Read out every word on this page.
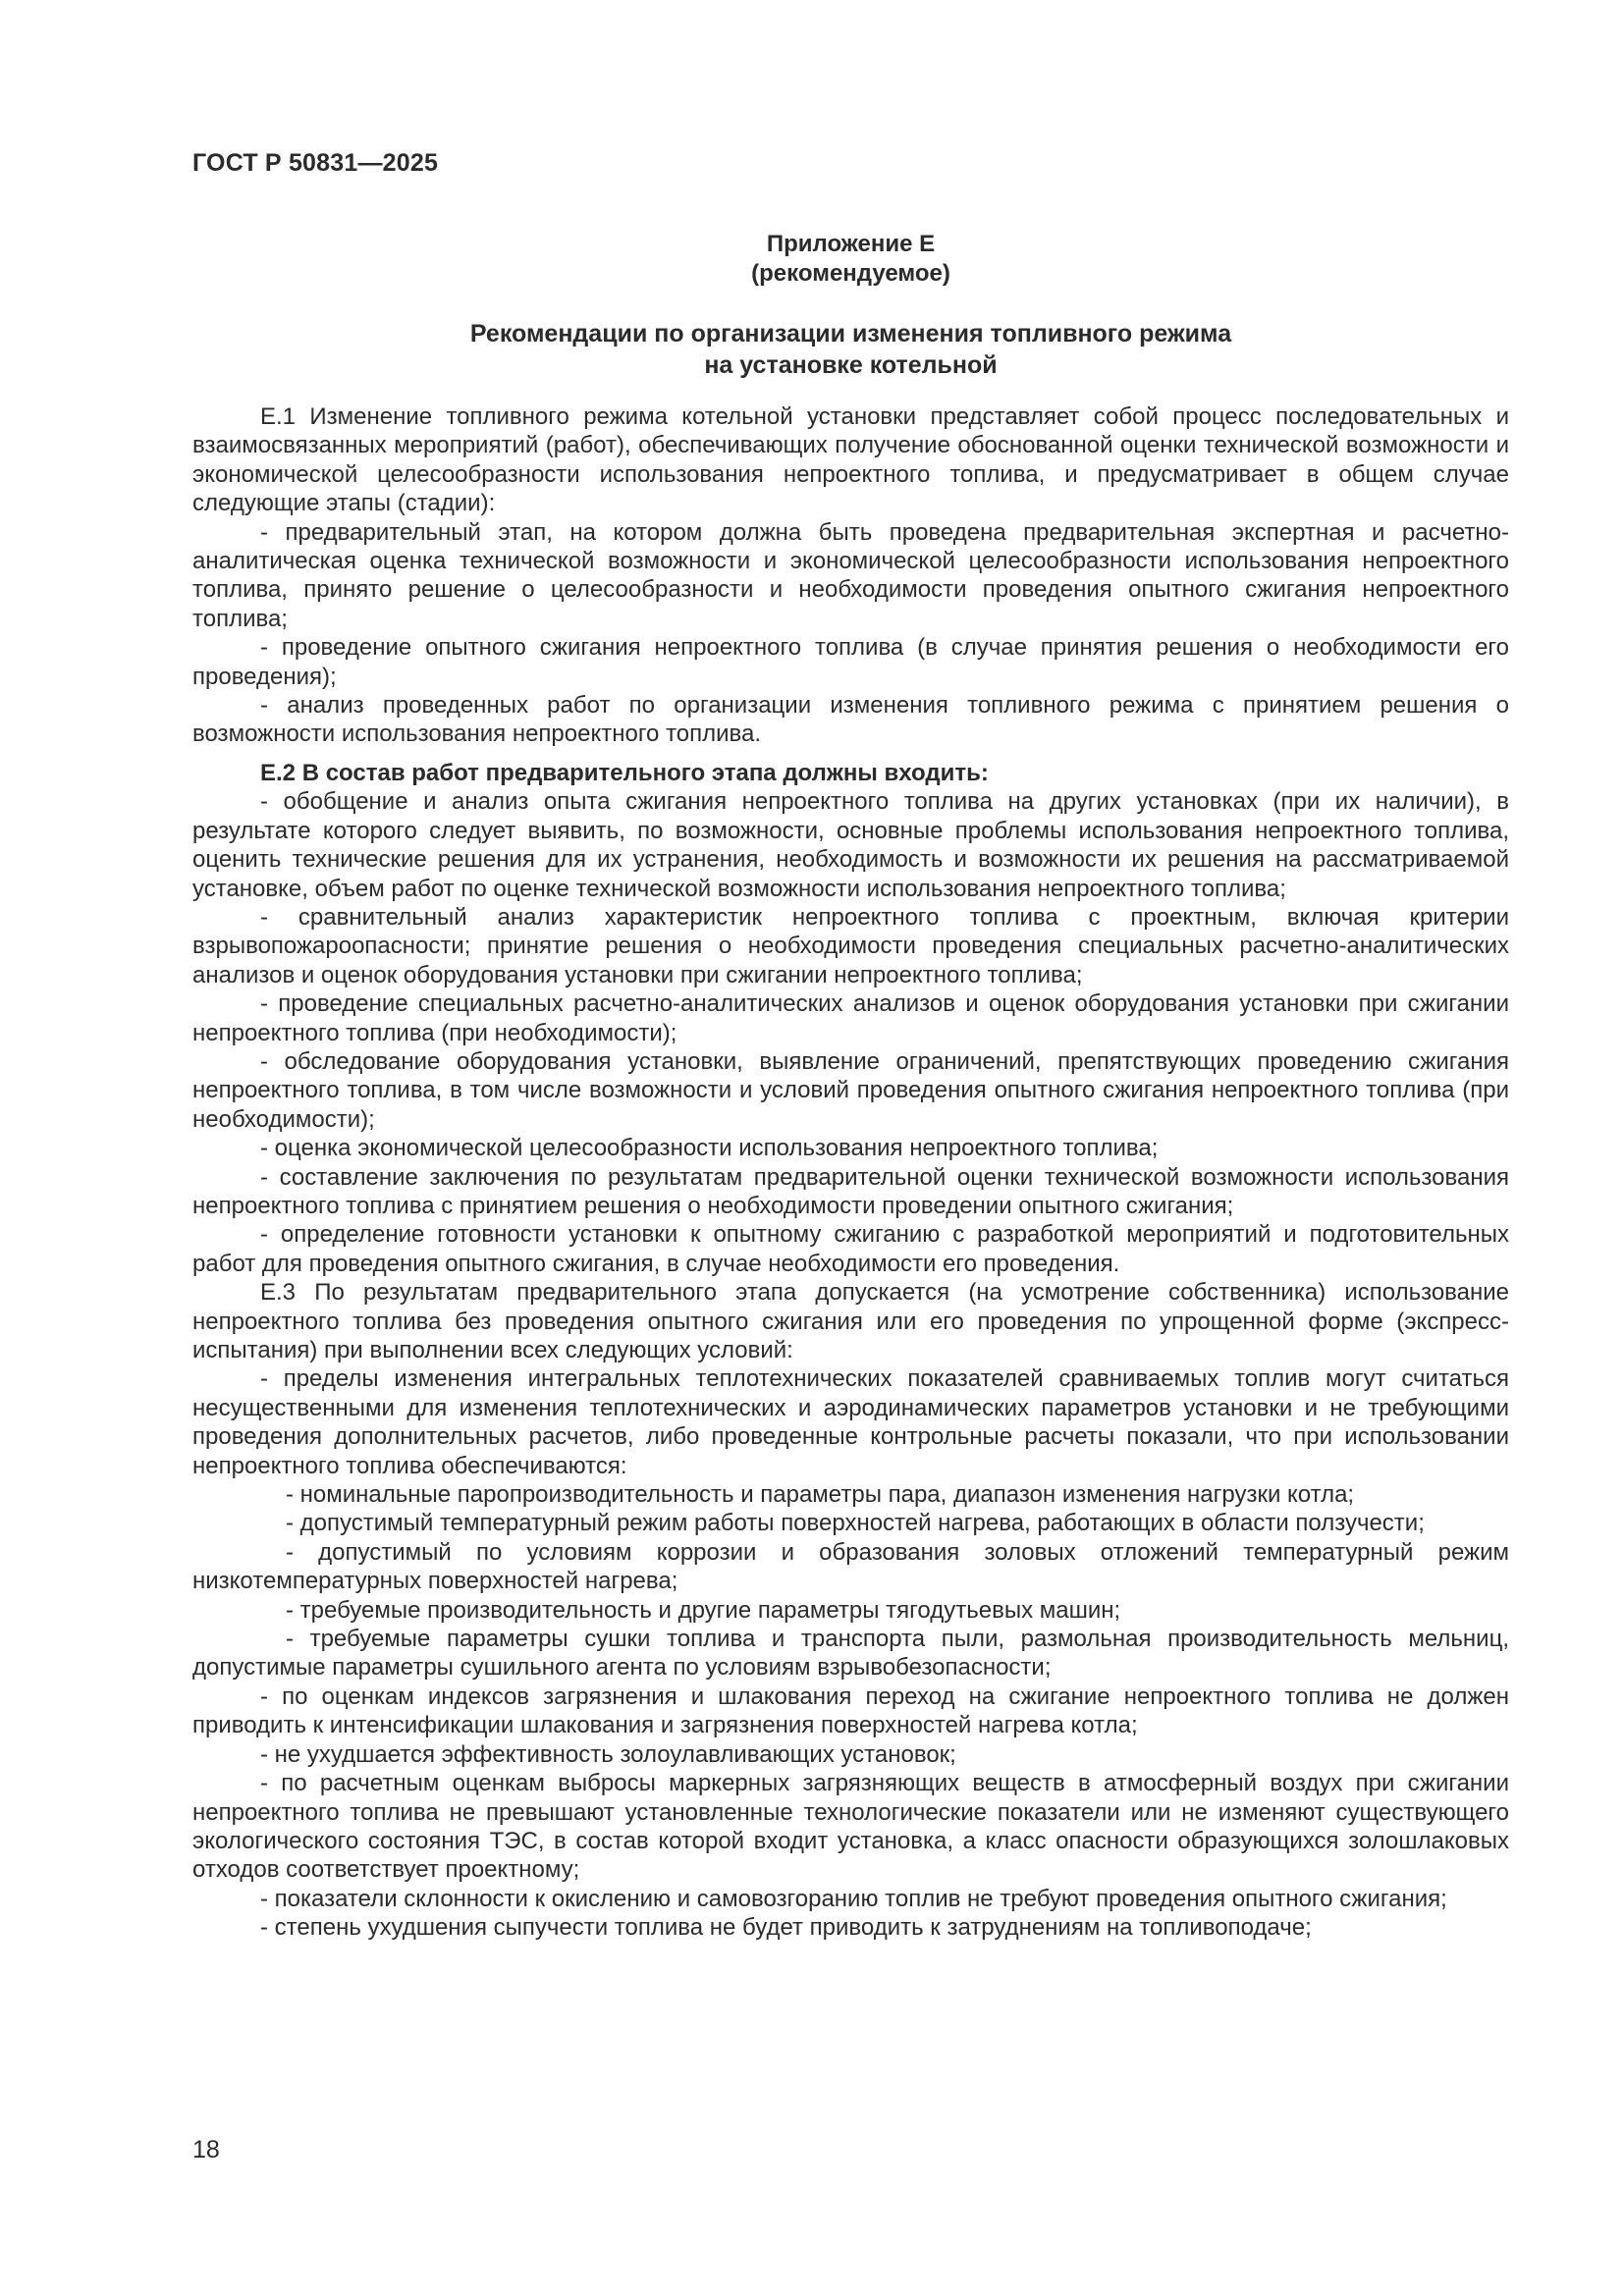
ГОСТ Р 50831—2025
Приложение Е
(рекомендуемое)
Рекомендации по организации изменения топливного режима
на установке котельной

Е.1 Изменение топливного режима котельной установки представляет собой процесс последовательных и взаимосвязанных мероприятий (работ), обеспечивающих получение обоснованной оценки технической возможности и экономической целесообразности использования непроектного топлива, и предусматривает в общем случае следующие этапы (стадии):

- предварительный этап, на котором должна быть проведена предварительная экспертная и расчетно-аналитическая оценка технической возможности и экономической целесообразности использования непроектного топлива, принято решение о целесообразности и необходимости проведения опытного сжигания непроектного топлива;

- проведение опытного сжигания непроектного топлива (в случае принятия решения о необходимости его проведения);

- анализ проведенных работ по организации изменения топливного режима с принятием решения о возможности использования непроектного топлива.

Е.2 В состав работ предварительного этапа должны входить:

- обобщение и анализ опыта сжигания непроектного топлива на других установках (при их наличии), в результате которого следует выявить, по возможности, основные проблемы использования непроектного топлива, оценить технические решения для их устранения, необходимость и возможности их решения на рассматриваемой установке, объем работ по оценке технической возможности использования непроектного топлива;

- сравнительный анализ характеристик непроектного топлива с проектным, включая критерии взрывопожароопасности; принятие решения о необходимости проведения специальных расчетно-аналитических анализов и оценок оборудования установки при сжигании непроектного топлива;

- проведение специальных расчетно-аналитических анализов и оценок оборудования установки при сжигании непроектного топлива (при необходимости);

- обследование оборудования установки, выявление ограничений, препятствующих проведению сжигания непроектного топлива, в том числе возможности и условий проведения опытного сжигания непроектного топлива (при необходимости);

- оценка экономической целесообразности использования непроектного топлива;

- составление заключения по результатам предварительной оценки технической возможности использования непроектного топлива с принятием решения о необходимости проведении опытного сжигания;

- определение готовности установки к опытному сжиганию с разработкой мероприятий и подготовительных работ для проведения опытного сжигания, в случае необходимости его проведения.

Е.3 По результатам предварительного этапа допускается (на усмотрение собственника) использование непроектного топлива без проведения опытного сжигания или его проведения по упрощенной форме (экспресс-испытания) при выполнении всех следующих условий:

- пределы изменения интегральных теплотехнических показателей сравниваемых топлив могут считаться несущественными для изменения теплотехнических и аэродинамических параметров установки и не требующими проведения дополнительных расчетов, либо проведенные контрольные расчеты показали, что при использовании непроектного топлива обеспечиваются:

- номинальные паропроизводительность и параметры пара, диапазон изменения нагрузки котла;

- допустимый температурный режим работы поверхностей нагрева, работающих в области ползучести;

- допустимый по условиям коррозии и образования золовых отложений температурный режим низкотемпературных поверхностей нагрева;

- требуемые производительность и другие параметры тягодутьевых машин;

- требуемые параметры сушки топлива и транспорта пыли, размольная производительность мельниц, допустимые параметры сушильного агента по условиям взрывобезопасности;

- по оценкам индексов загрязнения и шлакования переход на сжигание непроектного топлива не должен приводить к интенсификации шлакования и загрязнения поверхностей нагрева котла;

- не ухудшается эффективность золоулавливающих установок;

- по расчетным оценкам выбросы маркерных загрязняющих веществ в атмосферный воздух при сжигании непроектного топлива не превышают установленные технологические показатели или не изменяют существующего экологического состояния ТЭС, в состав которой входит установка, а класс опасности образующихся золошлаковых отходов соответствует проектному;

- показатели склонности к окислению и самовозгоранию топлив не требуют проведения опытного сжигания;

- степень ухудшения сыпучести топлива не будет приводить к затруднениям на топливоподаче;

18
